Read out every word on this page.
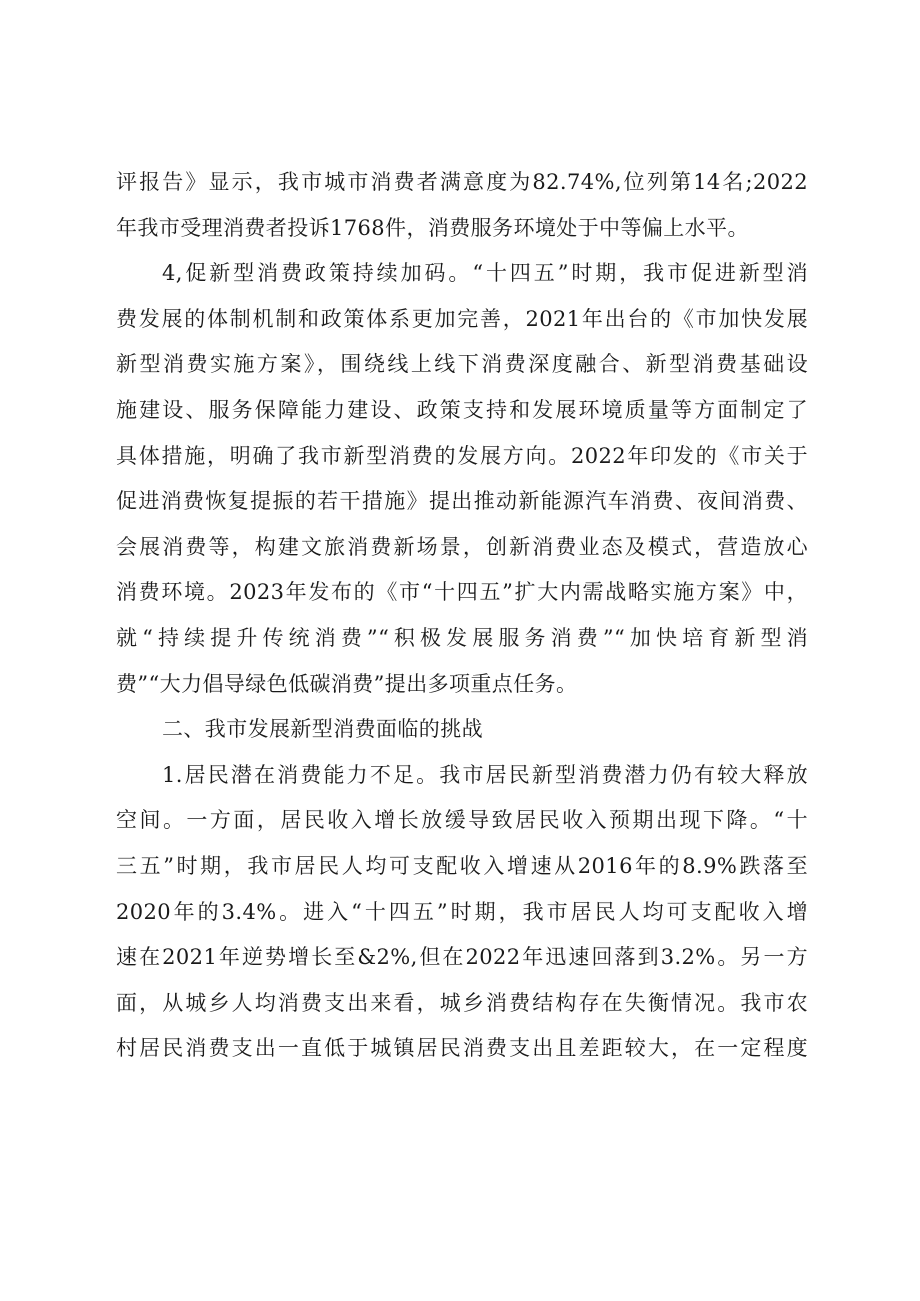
评报告》显示，我市城市消费者满意度为82.74%,位列第14名;2022
年我市受理消费者投诉1768件，消费服务环境处于中等偏上水平。

4,促新型消费政策持续加码。“十四五”时期，我市促进新型消
费发展的体制机制和政策体系更加完善，2021年出台的《市加快发展
新型消费实施方案》，围绕线上线下消费深度融合、新型消费基础设
施建设、服务保障能力建设、政策支持和发展环境质量等方面制定了
具体措施，明确了我市新型消费的发展方向。2022年印发的《市关于
促进消费恢复提振的若干措施》提出推动新能源汽车消费、夜间消费、
会展消费等，构建文旅消费新场景，创新消费业态及模式，营造放心
消费环境。2023年发布的《市“十四五”扩大内需战略实施方案》中，
就“持续提升传统消费”“积极发展服务消费”“加快培育新型消
费”“大力倡导绿色低碳消费”提出多项重点任务。

二、我市发展新型消费面临的挑战

1.居民潜在消费能力不足。我市居民新型消费潜力仍有较大释放
空间。一方面，居民收入增长放缓导致居民收入预期出现下降。“十
三五”时期，我市居民人均可支配收入增速从2016年的8.9%跌落至
2020年的3.4%。进入“十四五”时期，我市居民人均可支配收入增
速在2021年逆势增长至&2%,但在2022年迅速回落到3.2%。另一方
面，从城乡人均消费支出来看，城乡消费结构存在失衡情况。我市农
村居民消费支出一直低于城镇居民消费支出且差距较大，在一定程度
